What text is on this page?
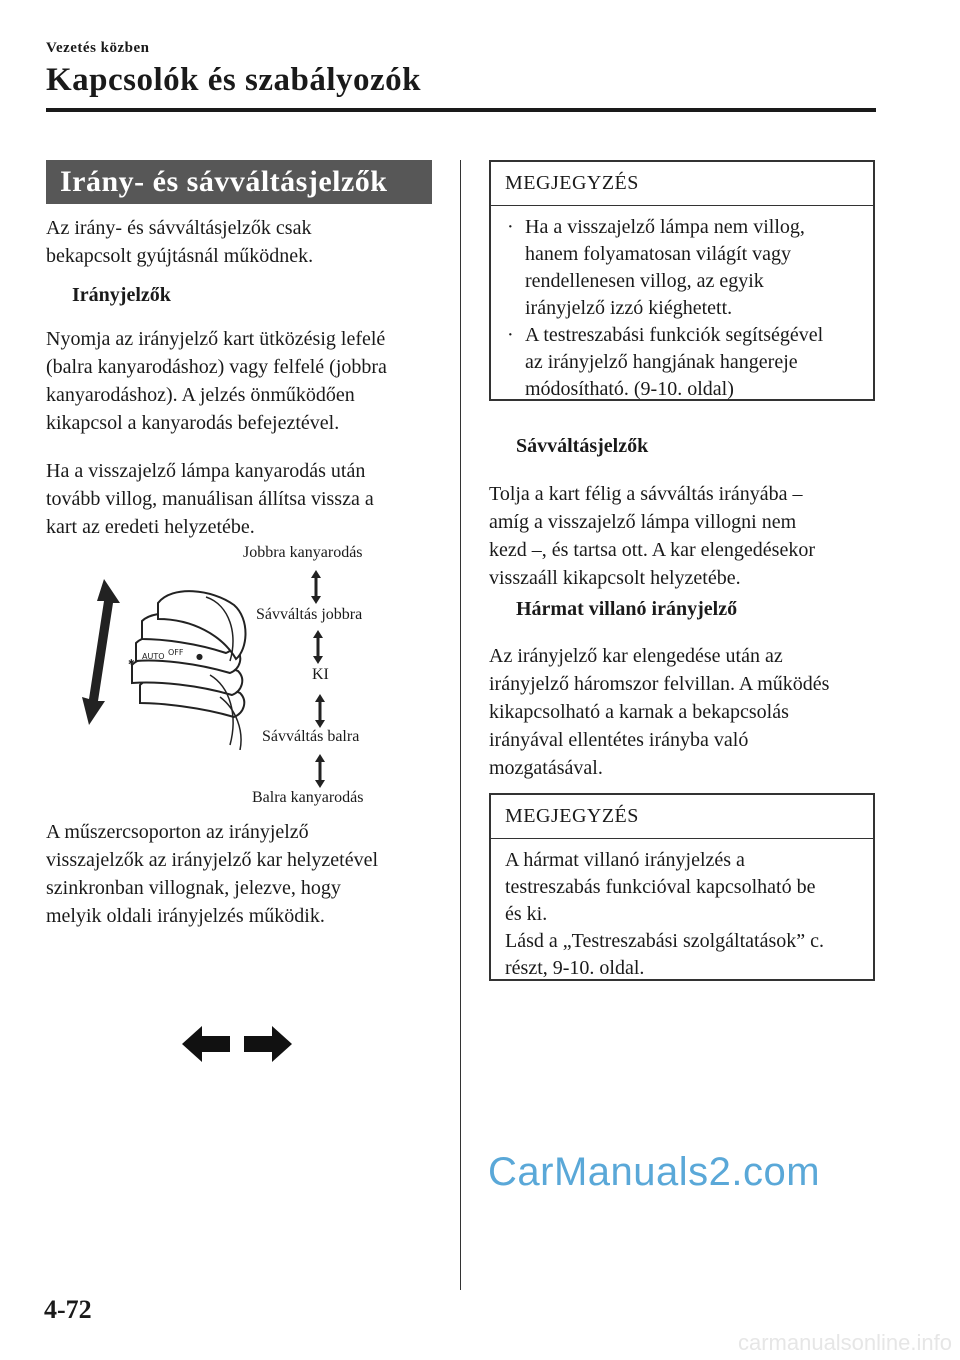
Vezetés közben
Kapcsolók és szabályozók
Irány- és sávváltásjelzők
Az irány- és sávváltásjelzők csak
bekapcsolt gyújtásnál működnek.
Irányjelzők
Nyomja az irányjelző kart ütközésig lefelé
(balra kanyarodáshoz) vagy felfelé (jobbra
kanyarodáshoz). A jelzés önműködően
kikapcsol a kanyarodás befejeztével.
Ha a visszajelző lámpa kanyarodás után
tovább villog, manuálisan állítsa vissza a
kart az eredeti helyzetébe.
✱
AUTO OFF ●
Jobbra kanyarodás
Sávváltás jobbra
KI
Sávváltás balra
Balra kanyarodás
A műszercsoporton az irányjelző
visszajelzők az irányjelző kar helyzetével
szinkronban villognak, jelezve, hogy
melyik oldali irányjelzés működik.
MEGJEGYZÉS
· Ha a visszajelző lámpa nem villog,
hanem folyamatosan világít vagy
rendellenesen villog, az egyik
irányjelző izzó kiéghetett.
· A testreszabási funkciók segítségével
az irányjelző hangjának hangereje
módosítható. (9-10. oldal)
Sávváltásjelzők
Tolja a kart félig a sávváltás irányába –
amíg a visszajelző lámpa villogni nem
kezd –, és tartsa ott. A kar elengedésekor
visszaáll kikapcsolt helyzetébe.
Hármat villanó irányjelző
Az irányjelző kar elengedése után az
irányjelző háromszor felvillan. A működés
kikapcsolható a karnak a bekapcsolás
irányával ellentétes irányba való
mozgatásával.
MEGJEGYZÉS
A hármat villanó irányjelzés a
testreszabás funkcióval kapcsolható be
és ki.
Lásd a „Testreszabási szolgáltatások” c.
részt, 9-10. oldal.
CarManuals2.com
4-72
carmanualsonline.info
